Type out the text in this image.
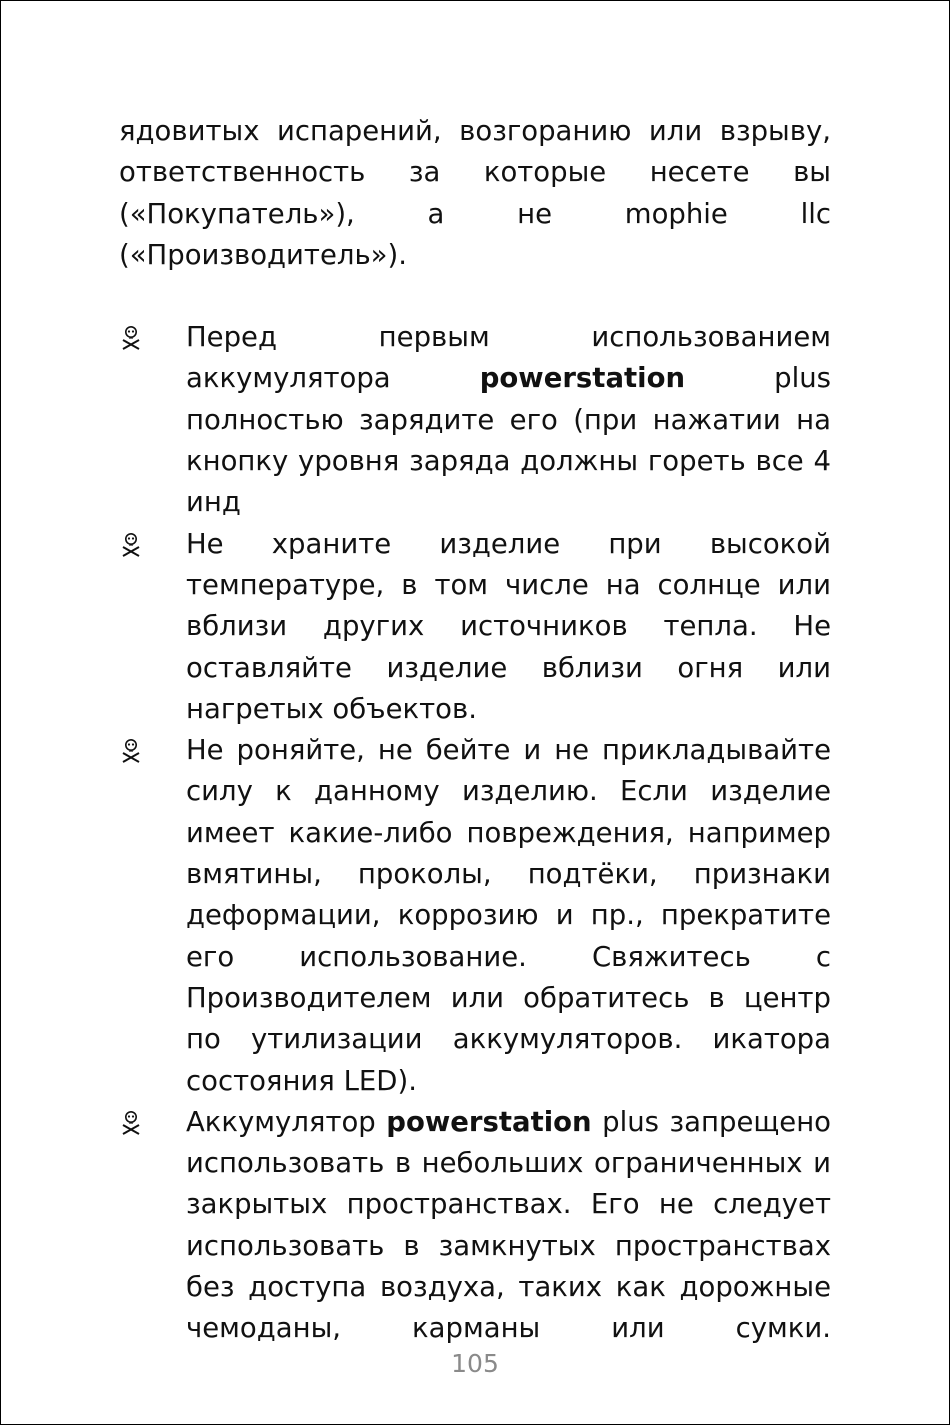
ядовитых испарений, возгоранию или взрыву, ответственность за которые несете вы («Покупатель»), а не mophie llc («Производитель»).

Перед первым использованием аккумулятора powerstation plus полностью зарядите его (при нажатии на кнопку уровня заряда должны гореть все 4 инд

Не храните изделие при высокой температуре, в том числе на солнце или вблизи других источников тепла. Не оставляйте изделие вблизи огня или нагретых объектов.

Не роняйте, не бейте и не прикладывайте силу к данному изделию. Если изделие имеет какие-либо повреждения, например вмятины, проколы, подтёки, признаки деформации, коррозию и пр., прекратите его использование. Свяжитесь с Производителем или обратитесь в центр по утилизации аккумуляторов. икатора состояния LED).

Аккумулятор powerstation plus запрещено использовать в небольших ограниченных и закрытых пространствах. Его не следует использовать в замкнутых пространствах без доступа воздуха, таких как дорожные чемоданы, карманы или сумки.

105
